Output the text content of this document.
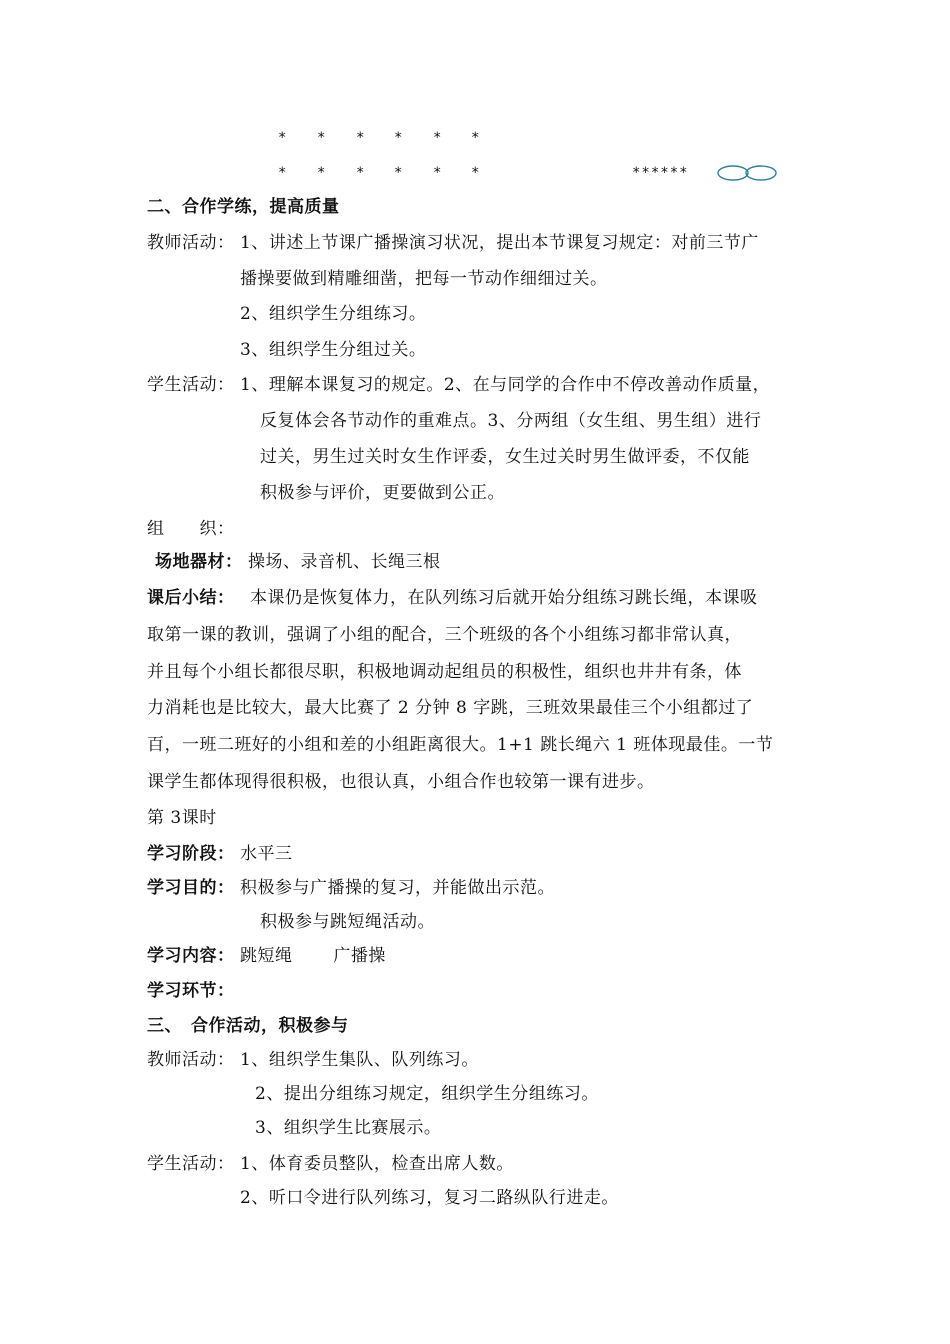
* * * * * *
* * * * * *	******
二、合作学练，提高质量
教师活动： 1、讲述上节课广播操演习状况，提出本节课复习规定：对前三节广
播操要做到精雕细凿，把每一节动作细细过关。
2、组织学生分组练习。
3、组织学生分组过关。
学生活动： 1、理解本课复习的规定。2、在与同学的合作中不停改善动作质量，
反复体会各节动作的重难点。3、分两组（女生组、男生组）进行
过关，男生过关时女生作评委，女生过关时男生做评委，不仅能
积极参与评价，更要做到公正。
组　　织：
场地器材： 操场、录音机、长绳三根
课后小结： 本课仍是恢复体力，在队列练习后就开始分组练习跳长绳，本课吸
取第一课的教训，强调了小组的配合，三个班级的各个小组练习都非常认真，
并且每个小组长都很尽职，积极地调动起组员的积极性，组织也井井有条，体
力消耗也是比较大，最大比赛了 2 分钟 8 字跳，三班效果最佳三个小组都过了
百，一班二班好的小组和差的小组距离很大。1+1 跳长绳六 1 班体现最佳。一节
课学生都体现得很积极，也很认真，小组合作也较第一课有进步。
第 3课时
学习阶段： 水平三
学习目的： 积极参与广播操的复习，并能做出示范。
积极参与跳短绳活动。
学习内容： 跳短绳　　 广播操
学习环节：
三、　合作活动，积极参与
教师活动： 1、组织学生集队、队列练习。
2、提出分组练习规定，组织学生分组练习。
3、组织学生比赛展示。
学生活动： 1、体育委员整队，检查出席人数。
2、听口令进行队列练习，复习二路纵队行进走。
